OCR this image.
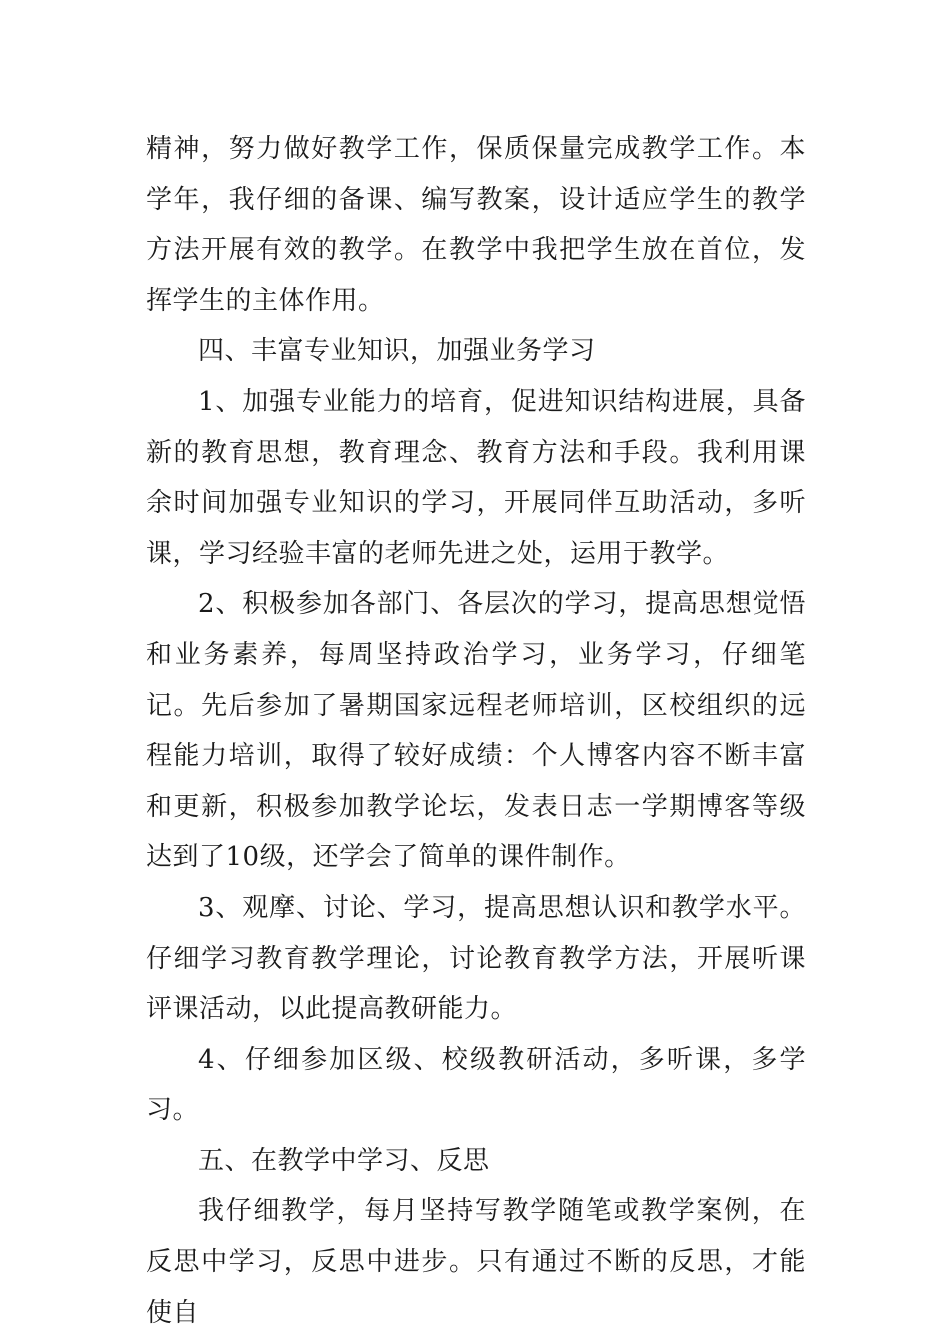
精神，努力做好教学工作，保质保量完成教学工作。本学年，我仔细的备课、编写教案，设计适应学生的教学方法开展有效的教学。在教学中我把学生放在首位，发挥学生的主体作用。

四、丰富专业知识，加强业务学习

1、加强专业能力的培育，促进知识结构进展，具备新的教育思想，教育理念、教育方法和手段。我利用课余时间加强专业知识的学习，开展同伴互助活动，多听课，学习经验丰富的老师先进之处，运用于教学。

2、积极参加各部门、各层次的学习，提高思想觉悟和业务素养，每周坚持政治学习，业务学习，仔细笔记。先后参加了暑期国家远程老师培训，区校组织的远程能力培训，取得了较好成绩：个人博客内容不断丰富和更新，积极参加教学论坛，发表日志一学期博客等级达到了10级，还学会了简单的课件制作。

3、观摩、讨论、学习，提高思想认识和教学水平。仔细学习教育教学理论，讨论教育教学方法，开展听课评课活动，以此提高教研能力。

4、仔细参加区级、校级教研活动，多听课，多学习。

五、在教学中学习、反思

我仔细教学，每月坚持写教学随笔或教学案例，在反思中学习，反思中进步。只有通过不断的反思，才能使自
